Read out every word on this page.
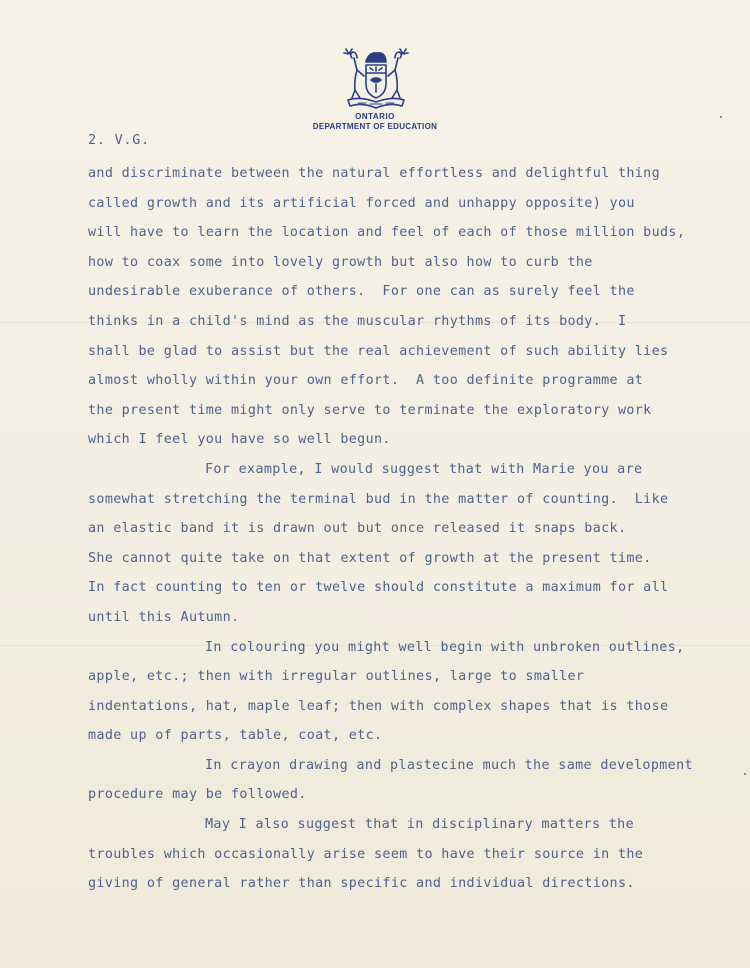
ONTARIO
DEPARTMENT OF EDUCATION
2. V.G.
and discriminate between the natural effortless and delightful thing
called growth and its artificial forced and unhappy opposite) you
will have to learn the location and feel of each of those million buds,
how to coax some into lovely growth but also how to curb the
undesirable exuberance of others.  For one can as surely feel the
thinks in a child's mind as the muscular rhythms of its body.  I
shall be glad to assist but the real achievement of such ability lies
almost wholly within your own effort.  A too definite programme at
the present time might only serve to terminate the exploratory work
which I feel you have so well begun.
For example, I would suggest that with Marie you are
somewhat stretching the terminal bud in the matter of counting.  Like
an elastic band it is drawn out but once released it snaps back.
She cannot quite take on that extent of growth at the present time.
In fact counting to ten or twelve should constitute a maximum for all
until this Autumn.
In colouring you might well begin with unbroken outlines,
apple, etc.; then with irregular outlines, large to smaller
indentations, hat, maple leaf; then with complex shapes that is those
made up of parts, table, coat, etc.
In crayon drawing and plastecine much the same development
procedure may be followed.
May I also suggest that in disciplinary matters the
troubles which occasionally arise seem to have their source in the
giving of general rather than specific and individual directions.
